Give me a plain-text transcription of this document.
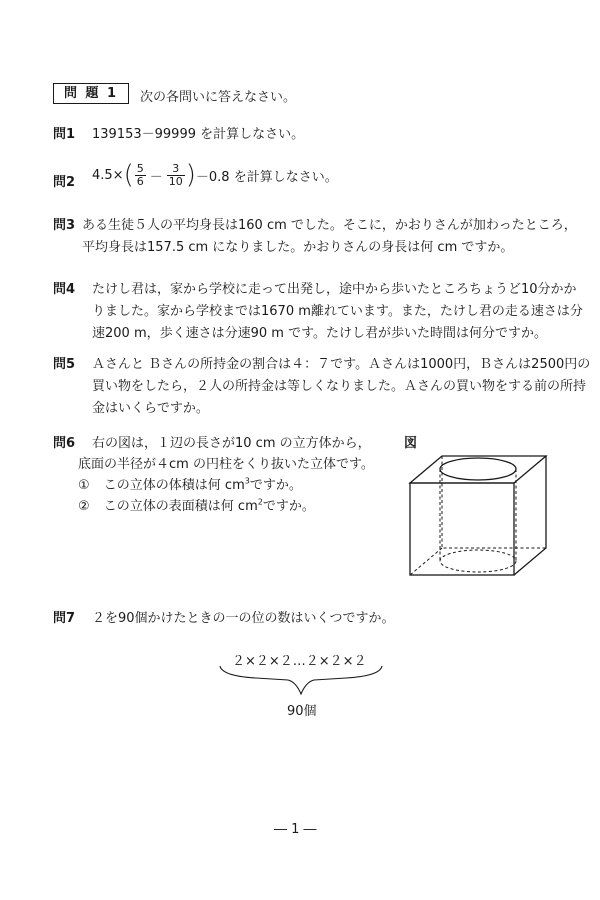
問 題 1	次の各問いに答えなさい。
問1 139153－99999 を計算しなさい。
問2 $4.5\times( \frac{5}{6} - \frac{3}{10} )-0.8$ を計算しなさい。
問3 ある生徒５人の平均身長は160 cm でした。そこに，かおりさんが加わったところ，
平均身長は157.5 cm になりました。かおりさんの身長は何 cm ですか。
問4 たけし君は，家から学校に走って出発し，途中から歩いたところちょうど10分かか
りました。家から学校までは1670 m離れています。また，たけし君の走る速さは分
速200 m，歩く速さは分速90 m です。たけし君が歩いた時間は何分ですか。
問5 Ａさんと Ｂさんの所持金の割合は４：７です。Ａさんは1000円，Ｂさんは2500円の
買い物をしたら，２人の所持金は等しくなりました。Ａさんの買い物をする前の所持
金はいくらですか。
問6 右の図は，１辺の長さが10 cm の立方体から，
底面の半径が４cm の円柱をくり抜いた立体です。
① この立体の体積は何 $cm^3$ですか。
② この立体の表面積は何 $cm^2$ですか。
図
問7 ２を90個かけたときの一の位の数はいくつですか。
２×２×２…２×２×２
90個
― 1 ―
